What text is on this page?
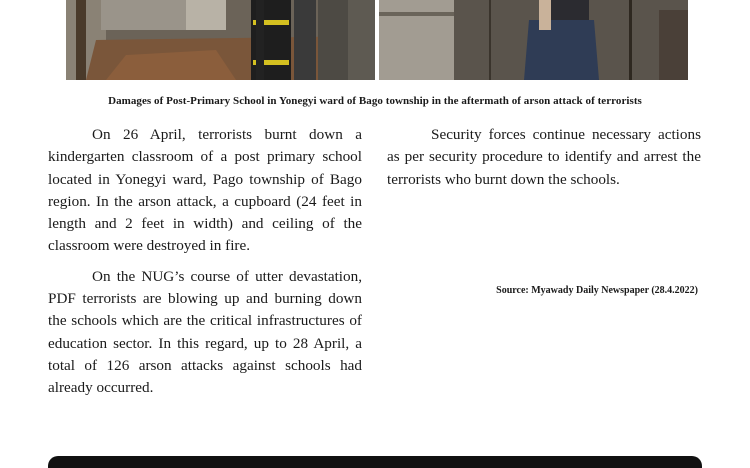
Damages of Post-Primary School in Yonegyi ward of Bago township in the aftermath of arson attack of terrorists

On 26 April, terrorists burnt down a kindergarten classroom of a post primary school located in Yonegyi ward, Pago township of Bago region. In the arson attack, a cupboard (24 feet in length and 2 feet in width) and ceiling of the classroom were destroyed in fire.

On the NUG’s course of utter devastation, PDF terrorists are blowing up and burning down the schools which are the critical infrastructures of education sector. In this regard, up to 28 April, a total of 126 arson attacks against schools had already occurred.

Security forces continue necessary actions as per security procedure to identify and arrest the terrorists who burnt down the schools.

Source: Myawady Daily Newspaper (28.4.2022)
